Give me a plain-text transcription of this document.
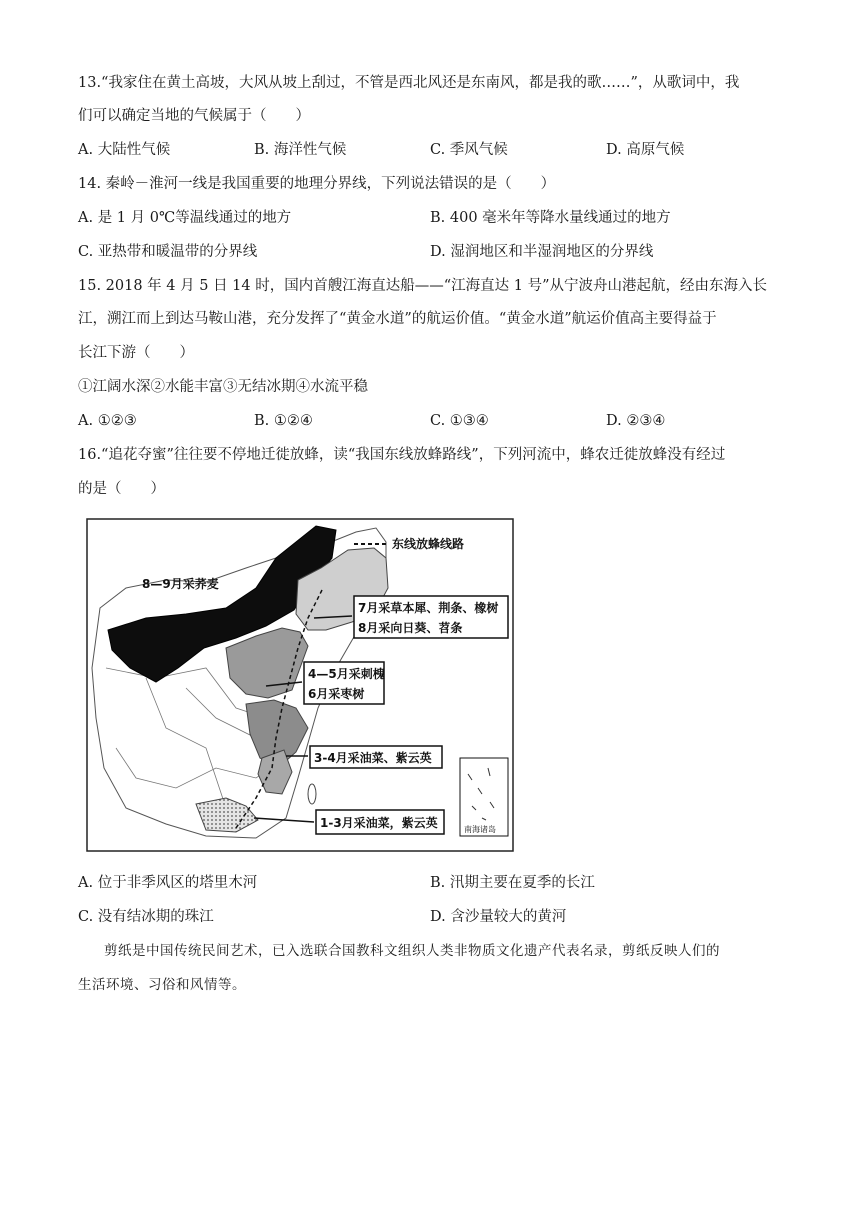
13.“我家住在黄土高坡，大风从坡上刮过，不管是西北风还是东南风，都是我的歌……”，从歌词中，我
们可以确定当地的气候属于（　　）
A. 大陆性气候	B. 海洋性气候	C. 季风气候	D. 高原气候
14. 秦岭－淮河一线是我国重要的地理分界线，下列说法错误的是（　　）
A. 是 1 月 0℃等温线通过的地方	B. 400 毫米年等降水量线通过的地方
C. 亚热带和暖温带的分界线	D. 湿润地区和半湿润地区的分界线
15. 2018 年 4 月 5 日 14 时，国内首艘江海直达船——“江海直达 1 号”从宁波舟山港起航，经由东海入长
江，溯江而上到达马鞍山港，充分发挥了“黄金水道”的航运价值。“黄金水道”航运价值高主要得益于
长江下游（　　）
①江阔水深②水能丰富③无结冰期④水流平稳
A. ①②③	B. ①②④	C. ①③④	D. ②③④
16.“追花夺蜜”往往要不停地迁徙放蜂，读“我国东线放蜂路线”，下列河流中，蜂农迁徙放蜂没有经过
的是（　　）
东线放蜂线路
8—9月采荞麦
7月采草本犀、荆条、橡树
8月采向日葵、苕条
4—5月采刺槐
6月采枣树
3-4月采油菜、紫云英
1-3月采油菜，紫云英	南海诸岛
A. 位于非季风区的塔里木河	B. 汛期主要在夏季的长江
C. 没有结冰期的珠江	D. 含沙量较大的黄河
剪纸是中国传统民间艺术，已入选联合国教科文组织人类非物质文化遗产代表名录，剪纸反映人们的
生活环境、习俗和风情等。
